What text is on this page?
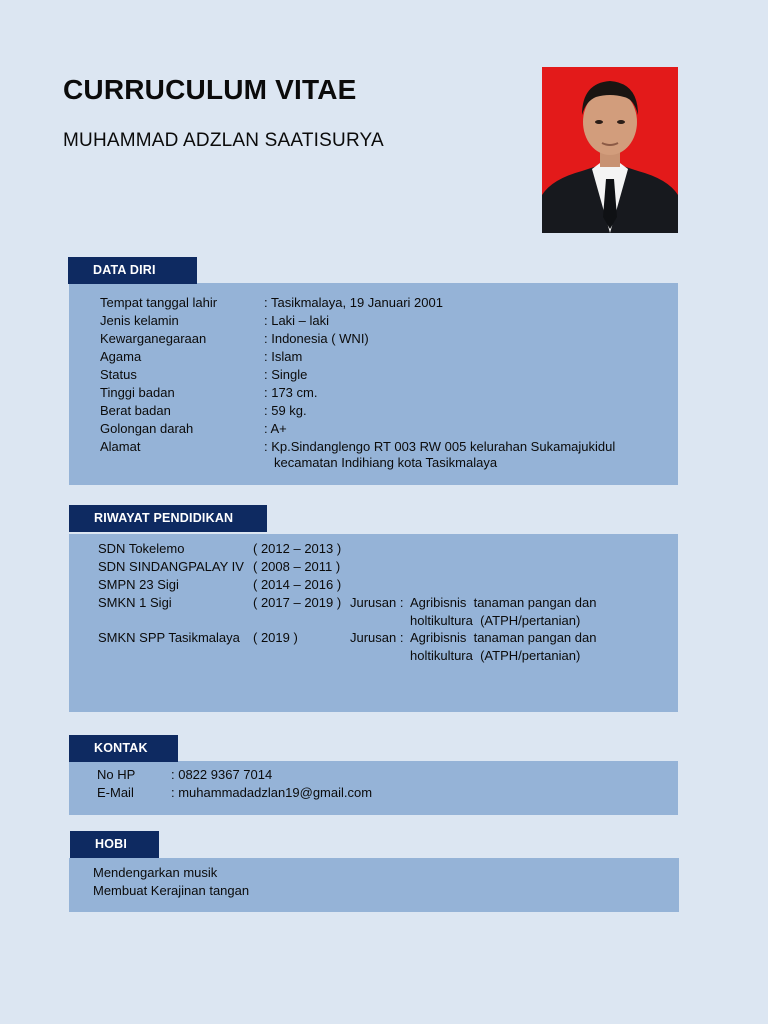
CURRUCULUM VITAE
MUHAMMAD ADZLAN SAATISURYA
DATA DIRI
Tempat tanggal lahir	: Tasikmalaya, 19 Januari 2001
Jenis kelamin	: Laki – laki
Kewarganegaraan	: Indonesia ( WNI)
Agama	: Islam
Status	: Single
Tinggi badan	: 173 cm.
Berat badan	: 59 kg.
Golongan darah	: A+
Alamat	: Kp.Sindanglengo RT 003 RW 005 kelurahan Sukamajukidul
kecamatan Indihiang kota Tasikmalaya
RIWAYAT PENDIDIKAN
SDN Tokelemo	( 2012 – 2013 )
SDN SINDANGPALAY IV ( 2008 – 2011 )
SMPN 23 Sigi	( 2014 – 2016 )
SMKN 1 Sigi	( 2017 – 2019 ) Jurusan : Agribisnis  tanaman pangan dan
holtikultura  (ATPH/pertanian)
SMKN SPP Tasikmalaya ( 2019 )	Jurusan : Agribisnis  tanaman pangan dan
holtikultura  (ATPH/pertanian)
KONTAK
No HP	: 0822 9367 7014
E-Mail	: muhammadadzlan19@gmail.com
HOBI
Mendengarkan musik
Membuat Kerajinan tangan
